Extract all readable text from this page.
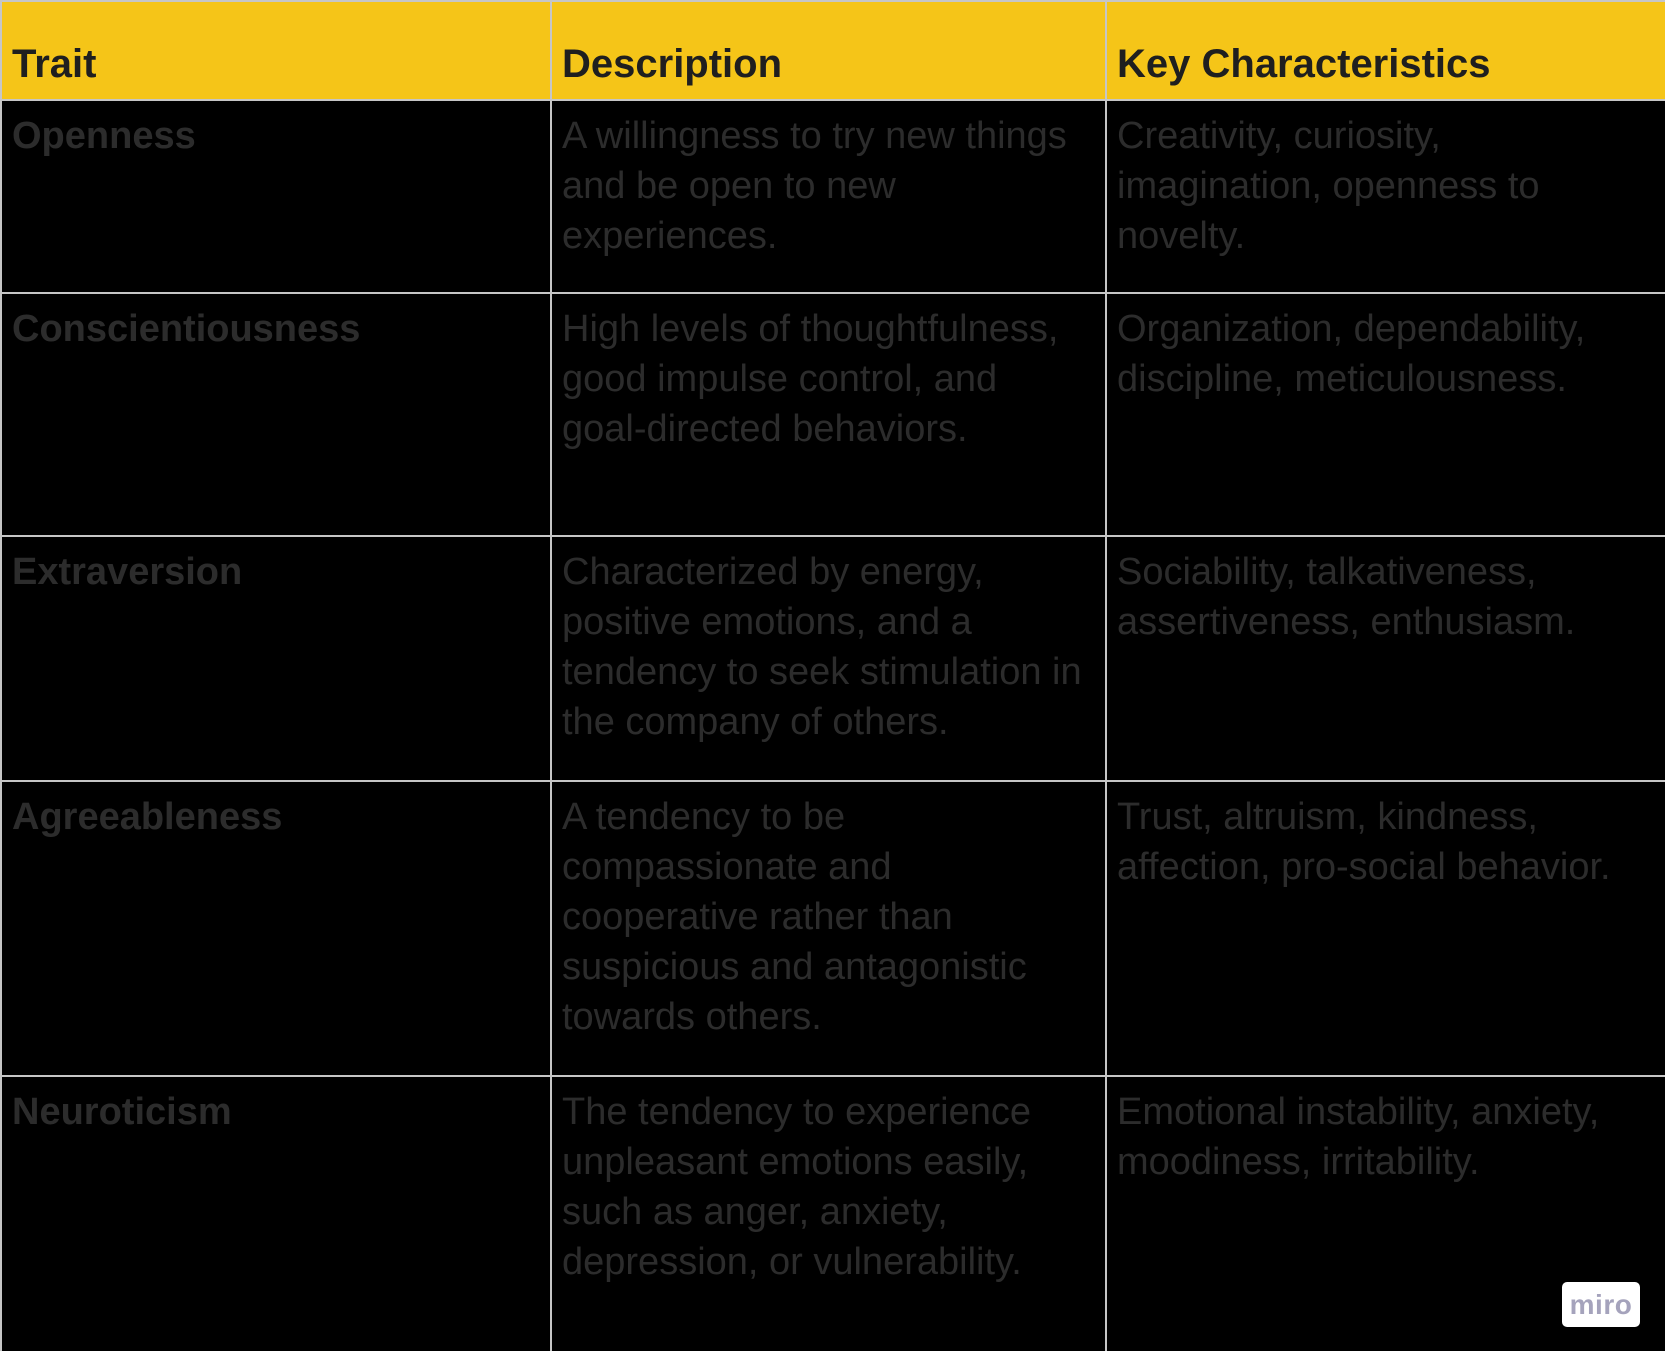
Trait	Description	Key Characteristics
Openness	A willingness to try new things and be open to new experiences.	Creativity, curiosity, imagination, openness to novelty.
Conscientiousness	High levels of thoughtfulness, good impulse control, and goal-directed behaviors.	Organization, dependability, discipline, meticulousness.
Extraversion	Characterized by energy, positive emotions, and a tendency to seek stimulation in the company of others.	Sociability, talkativeness, assertiveness, enthusiasm.
Agreeableness	A tendency to be compassionate and cooperative rather than suspicious and antagonistic towards others.	Trust, altruism, kindness, affection, pro-social behavior.
Neuroticism	The tendency to experience unpleasant emotions easily, such as anger, anxiety, depression, or vulnerability.	Emotional instability, anxiety, moodiness, irritability.
miro
